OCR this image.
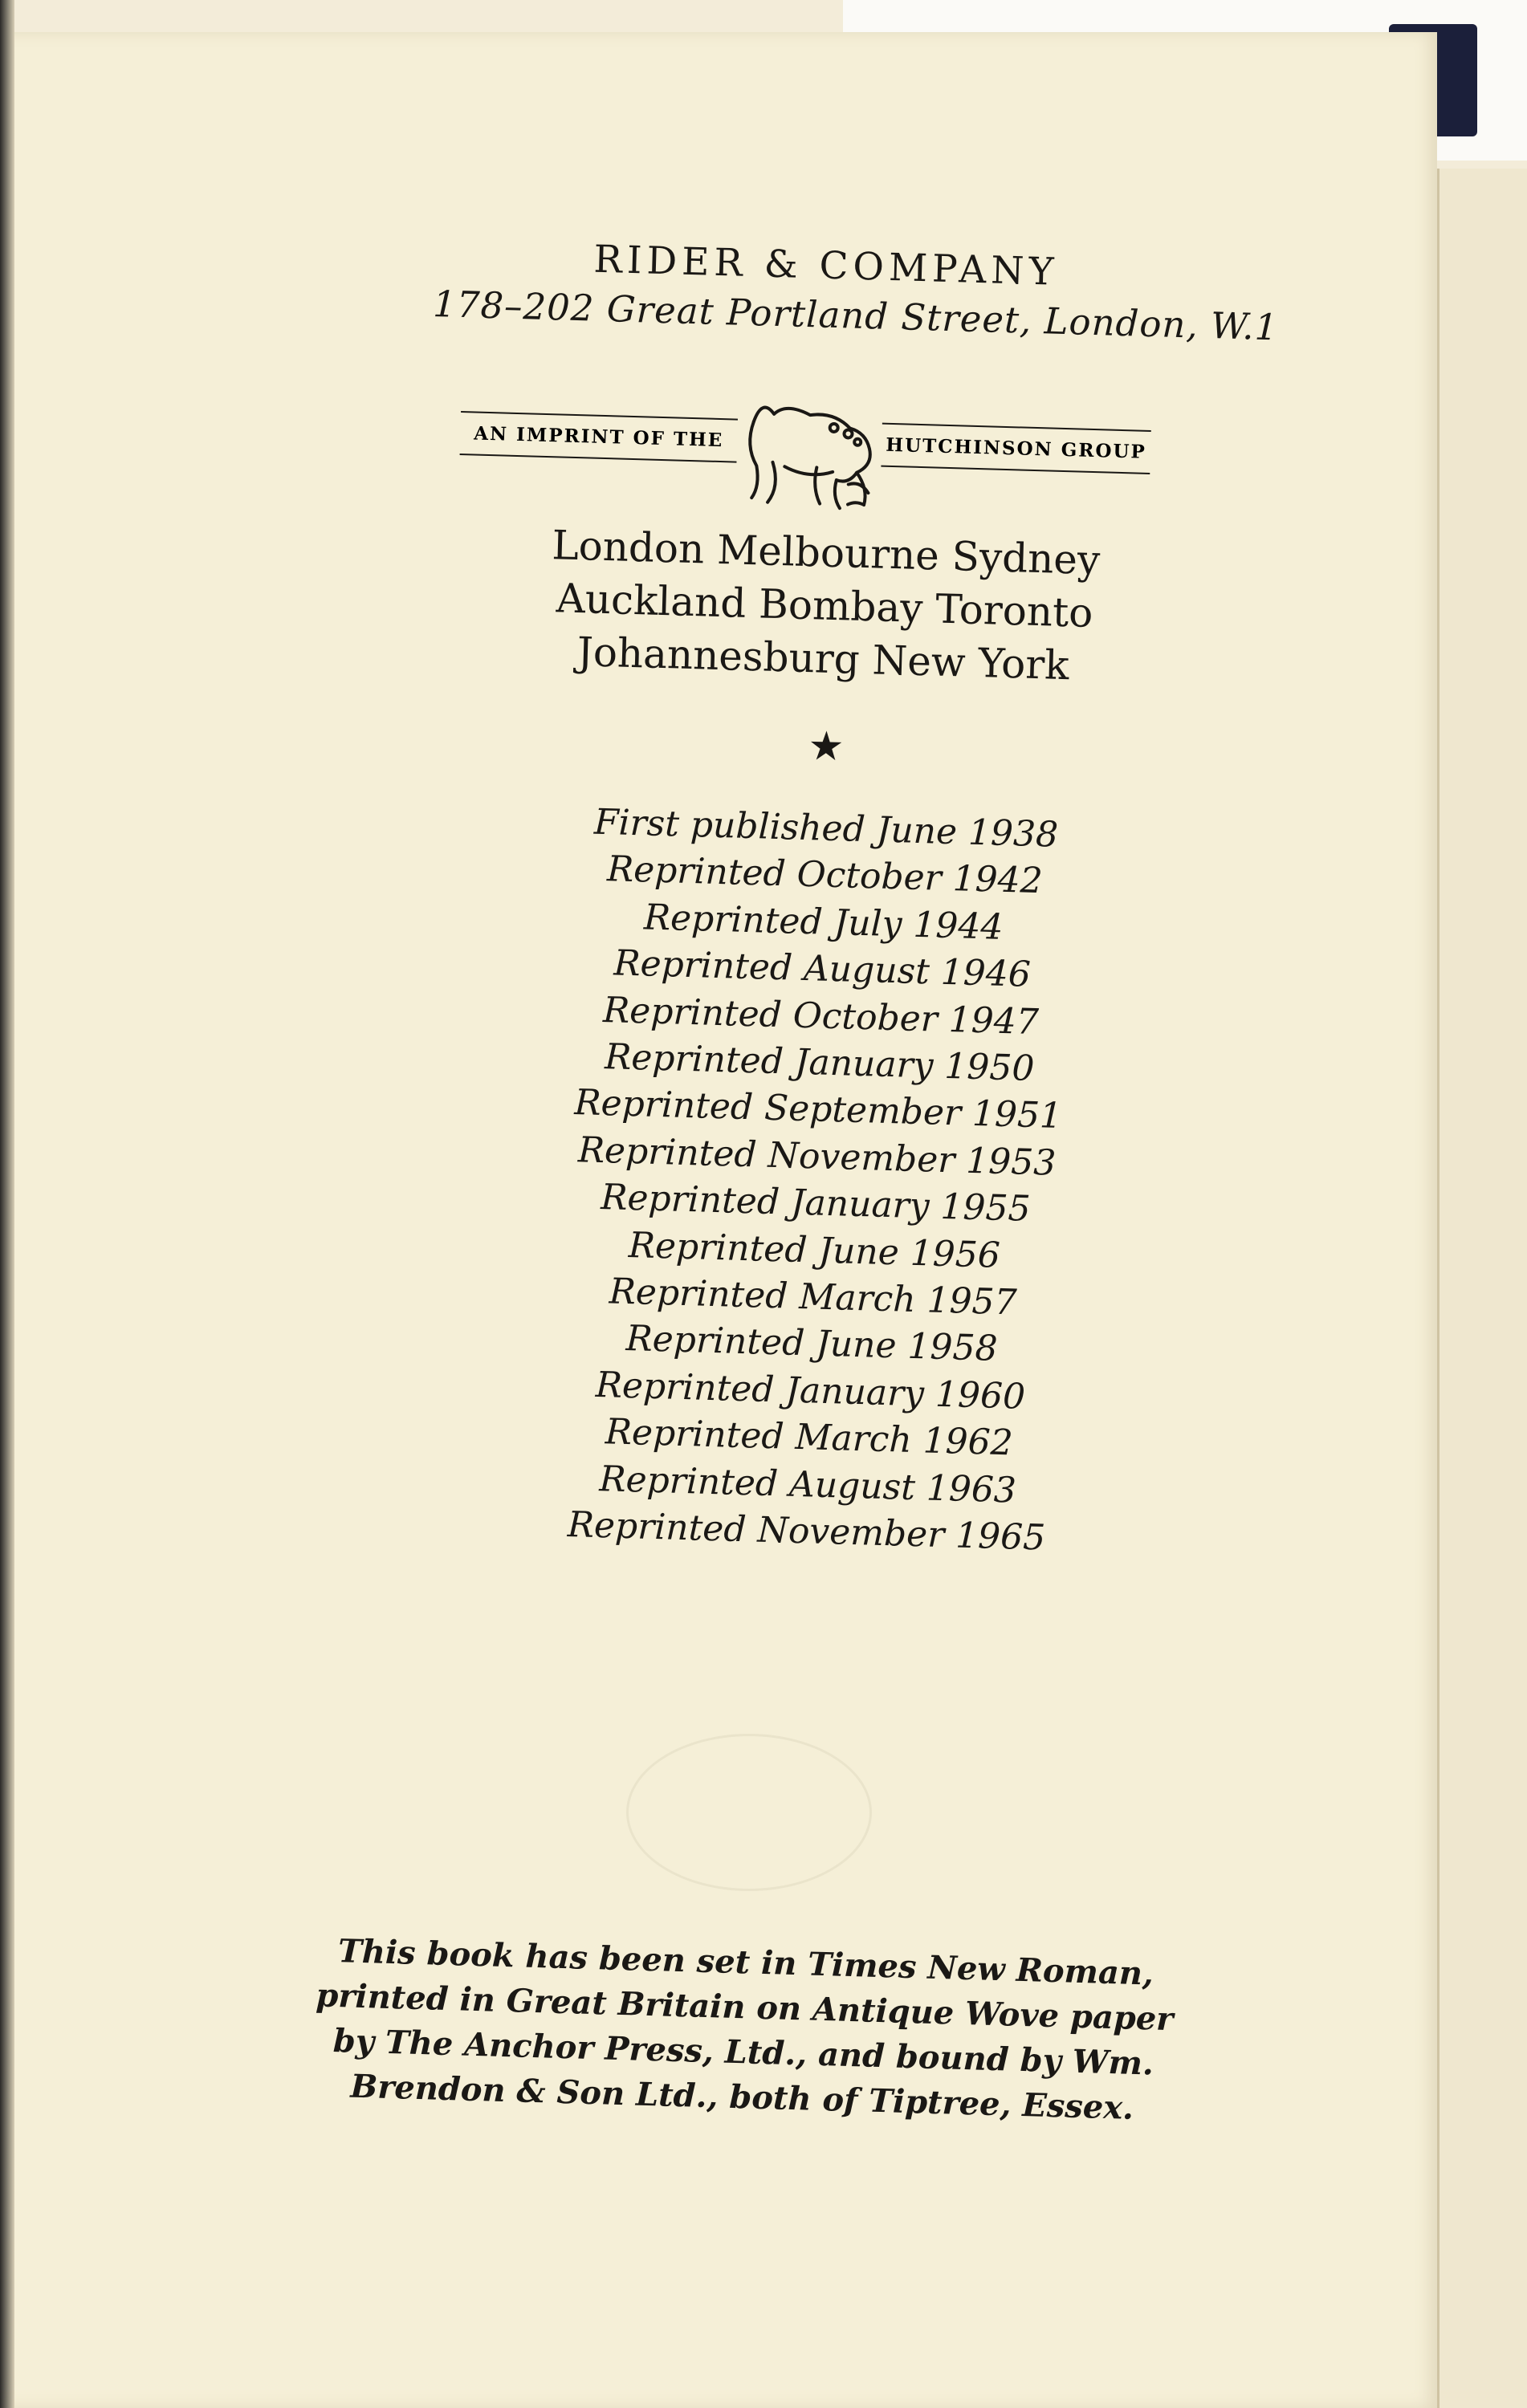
RIDER & COMPANY
178–202 Great Portland Street, London, W.1
AN IMPRINT OF THE	HUTCHINSON GROUP
London Melbourne Sydney
Auckland Bombay Toronto
Johannesburg New York
★
First published June 1938
Reprinted October 1942
Reprinted July 1944
Reprinted August 1946
Reprinted October 1947
Reprinted January 1950
Reprinted September 1951
Reprinted November 1953
Reprinted January 1955
Reprinted June 1956
Reprinted March 1957
Reprinted June 1958
Reprinted January 1960
Reprinted March 1962
Reprinted August 1963
Reprinted November 1965
This book has been set in Times New Roman,
printed in Great Britain on Antique Wove paper
by The Anchor Press, Ltd., and bound by Wm.
Brendon & Son Ltd., both of Tiptree, Essex.
